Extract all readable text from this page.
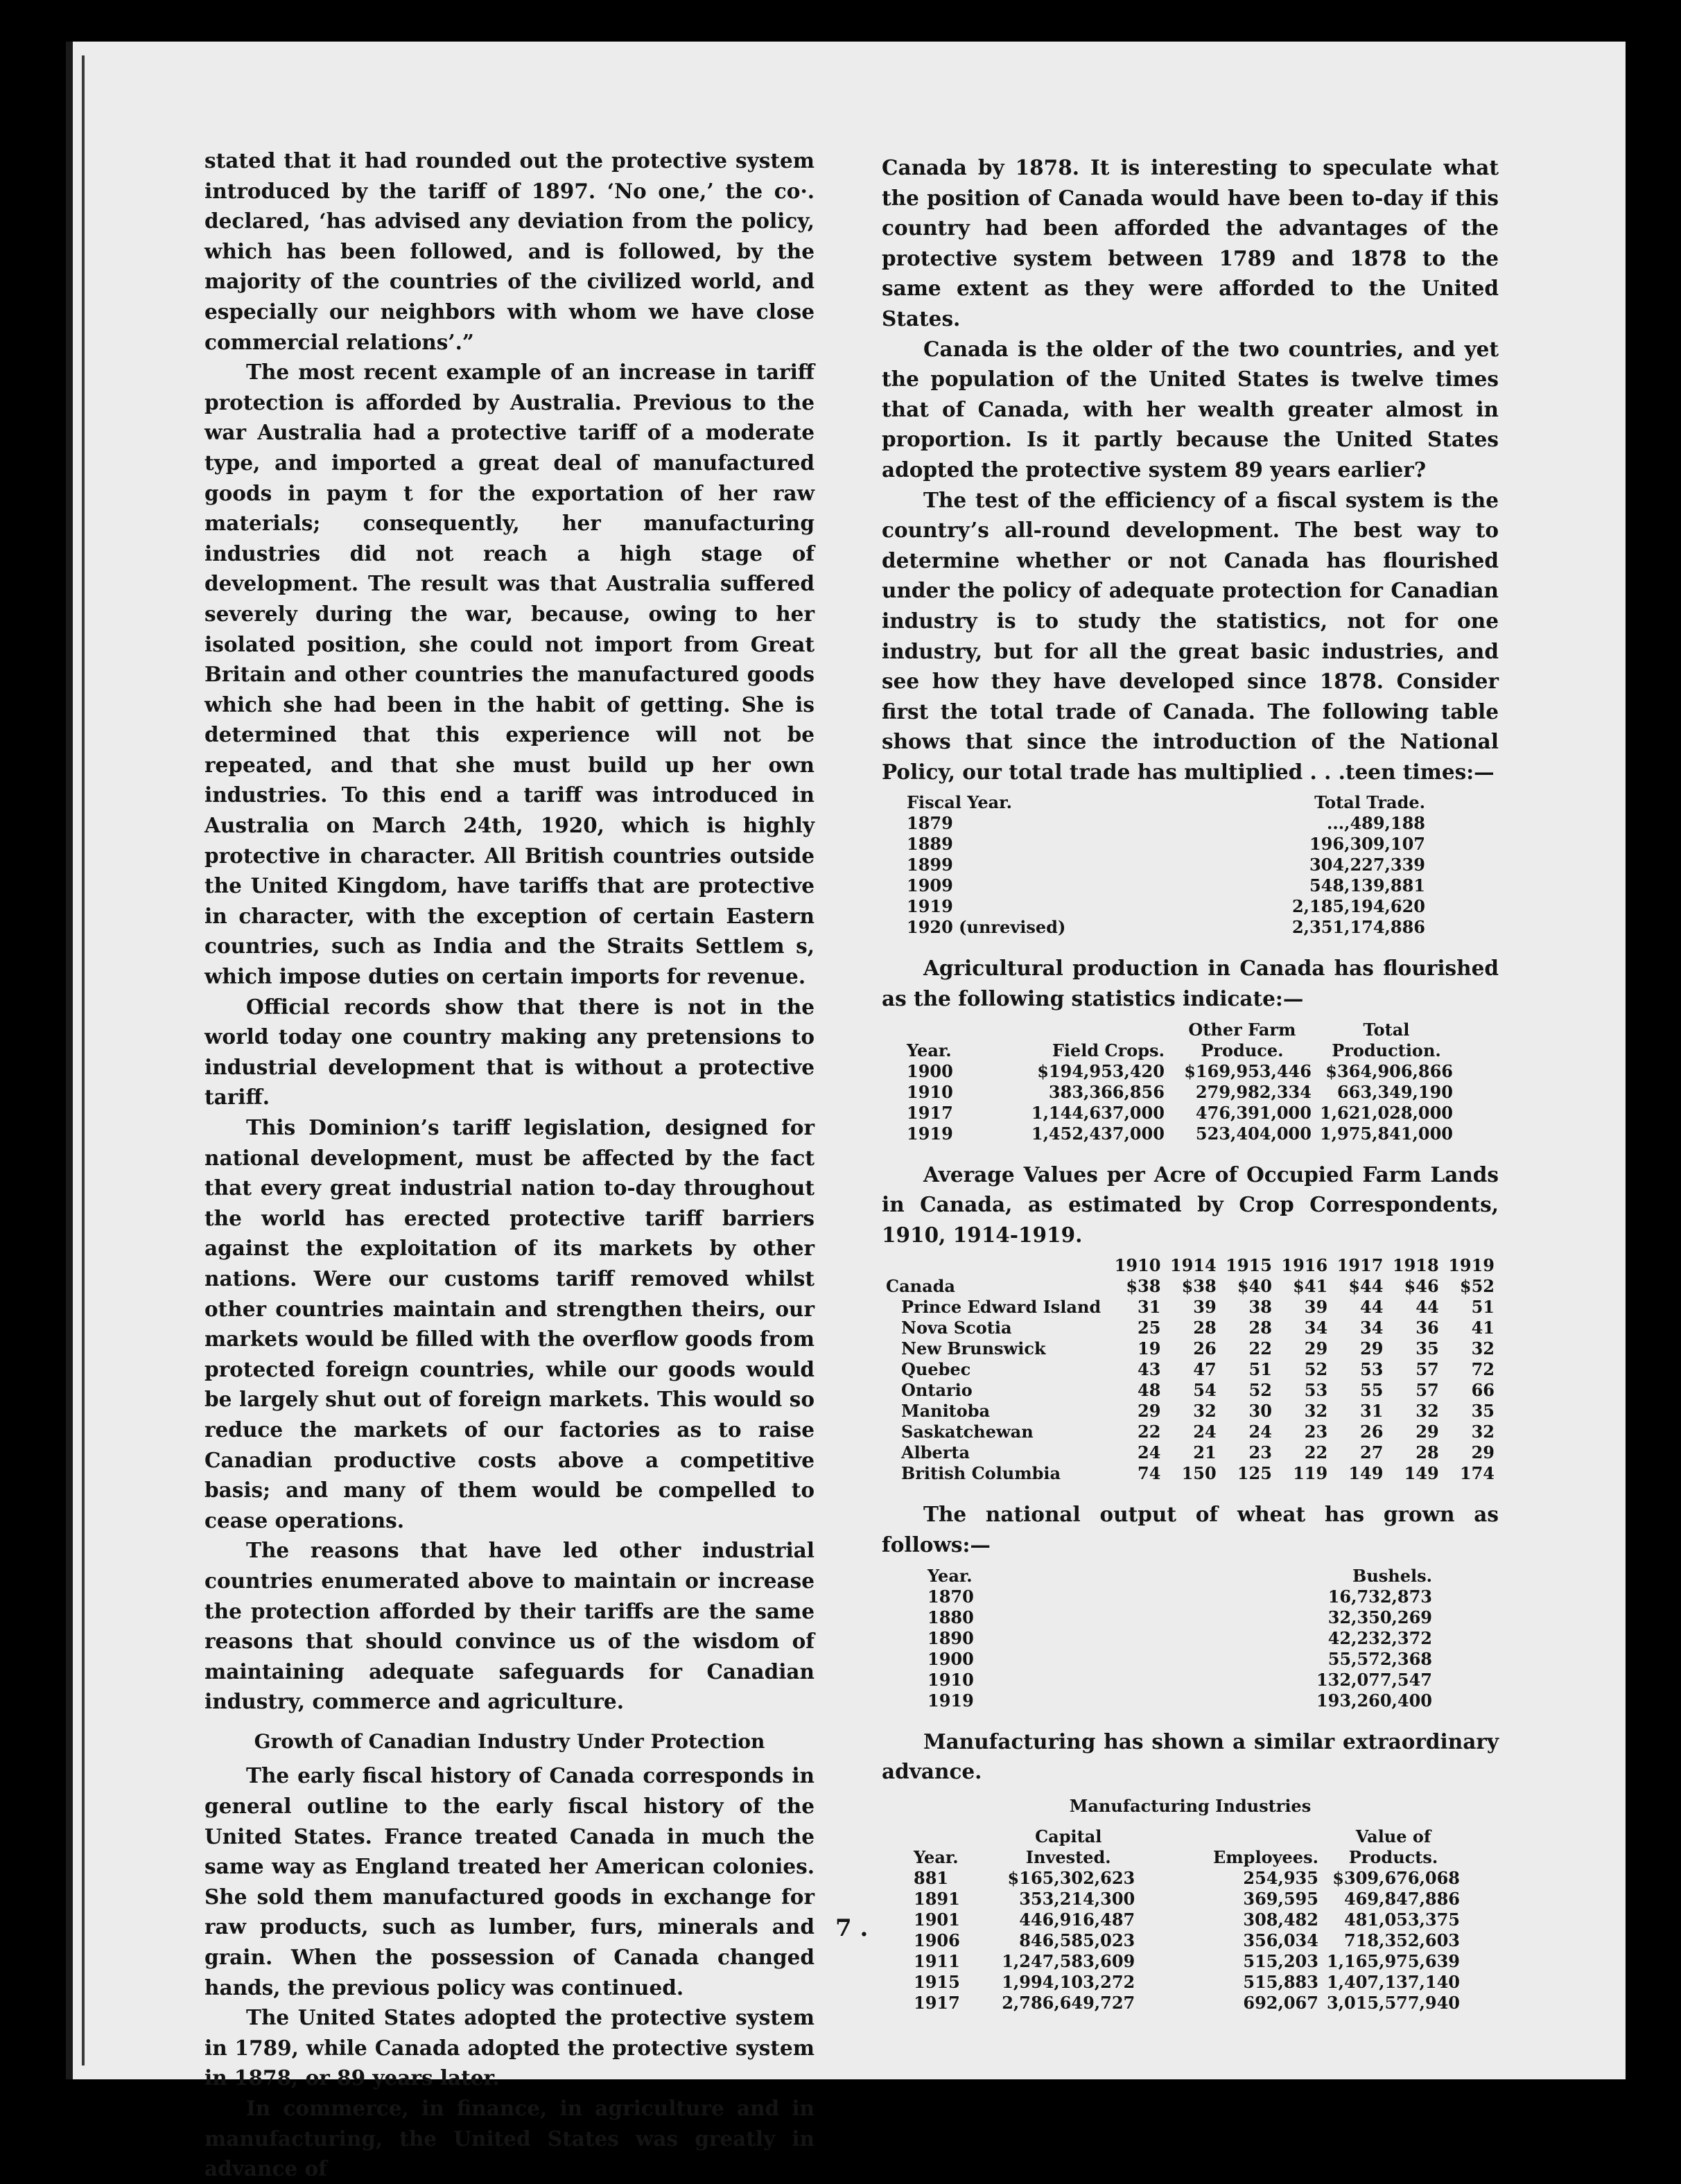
stated that it had rounded out the protective system introduced by the tariff of 1897. ‘No one,’ the co·. declared, ‘has advised any deviation from the policy, which has been followed, and is followed, by the majority of the countries of the civilized world, and especially our neighbors with whom we have close commercial relations’.”

The most recent example of an increase in tariff protection is afforded by Australia. Previous to the war Australia had a protective tariff of a moderate type, and imported a great deal of manufactured goods in paym t for the exportation of her raw materials; consequently, her manufacturing industries did not reach a high stage of development. The result was that Australia suffered severely during the war, because, owing to her isolated position, she could not import from Great Britain and other countries the manufactured goods which she had been in the habit of getting. She is determined that this experience will not be repeated, and that she must build up her own industries. To this end a tariff was introduced in Australia on March 24th, 1920, which is highly protective in character. All British countries outside the United Kingdom, have tariffs that are protective in character, with the exception of certain Eastern countries, such as India and the Straits Settlem s, which impose duties on certain imports for revenue.

Official records show that there is not in the world today one country making any pretensions to industrial development that is without a protective tariff.

This Dominion’s tariff legislation, designed for national development, must be affected by the fact that every great industrial nation to-day throughout the world has erected protective tariff barriers against the exploitation of its markets by other nations. Were our customs tariff removed whilst other countries maintain and strengthen theirs, our markets would be filled with the overflow goods from protected foreign countries, while our goods would be largely shut out of foreign markets. This would so reduce the markets of our factories as to raise Canadian productive costs above a competitive basis; and many of them would be compelled to cease operations.

The reasons that have led other industrial countries enumerated above to maintain or increase the protection afforded by their tariffs are the same reasons that should convince us of the wisdom of maintaining adequate safeguards for Canadian industry, commerce and agriculture.

Growth of Canadian Industry Under Protection

The early fiscal history of Canada corresponds in general outline to the early fiscal history of the United States. France treated Canada in much the same way as England treated her American colonies. She sold them manufactured goods in exchange for raw products, such as lumber, furs, minerals and grain. When the possession of Canada changed hands, the previous policy was continued.

The United States adopted the protective system in 1789, while Canada adopted the protective system in 1878, or 89 years later.

In commerce, in finance, in agriculture and in manufacturing, the United States was greatly in advance of

Canada by 1878. It is interesting to speculate what the position of Canada would have been to-day if this country had been afforded the advantages of the protective system between 1789 and 1878 to the same extent as they were afforded to the United States.

Canada is the older of the two countries, and yet the population of the United States is twelve times that of Canada, with her wealth greater almost in proportion. Is it partly because the United States adopted the protective system 89 years earlier?

The test of the efficiency of a fiscal system is the country’s all-round development. The best way to determine whether or not Canada has flourished under the policy of adequate protection for Canadian industry is to study the statistics, not for one industry, but for all the great basic industries, and see how they have developed since 1878. Consider first the total trade of Canada. The following table shows that since the introduction of the National Policy, our total trade has multiplied . . .teen times:—

Fiscal Year.	Total Trade.
1879	...,489,188
1889	196,309,107
1899	304,227,339
1909	548,139,881
1919	2,185,194,620
1920 (unrevised)	2,351,174,886

Agricultural production in Canada has flourished as the following statistics indicate:—

Year.	Field Crops.	Other Farm Produce.	Total Production.
1900	$194,953,420	$169,953,446	$364,906,866
1910	383,366,856	279,982,334	663,349,190
1917	1,144,637,000	476,391,000	1,621,028,000
1919	1,452,437,000	523,404,000	1,975,841,000

Average Values per Acre of Occupied Farm Lands in Canada, as estimated by Crop Correspondents, 1910, 1914-1919.

	1910	1914	1915	1916	1917	1918	1919
Canada	$38	$38	$40	$41	$44	$46	$52
Prince Edward Island	31	39	38	39	44	44	51
Nova Scotia	25	28	28	34	34	36	41
New Brunswick	19	26	22	29	29	35	32
Quebec	43	47	51	52	53	57	72
Ontario	48	54	52	53	55	57	66
Manitoba	29	32	30	32	31	32	35
Saskatchewan	22	24	24	23	26	29	32
Alberta	24	21	23	22	27	28	29
British Columbia	74	150	125	119	149	149	174

The national output of wheat has grown as follows:—

Year.	Bushels.
1870	16,732,873
1880	32,350,269
1890	42,232,372
1900	55,572,368
1910	132,077,547
1919	193,260,400

Manufacturing has shown a similar extraordinary advance.

Manufacturing Industries

Year.	Capital Invested.	Employees.	Value of Products.
881	$165,302,623	254,935	$309,676,068
1891	353,214,300	369,595	469,847,886
1901	446,916,487	308,482	481,053,375
1906	846,585,023	356,034	718,352,603
1911	1,247,583,609	515,203	1,165,975,639
1915	1,994,103,272	515,883	1,407,137,140
1917	2,786,649,727	692,067	3,015,577,940
7 .
